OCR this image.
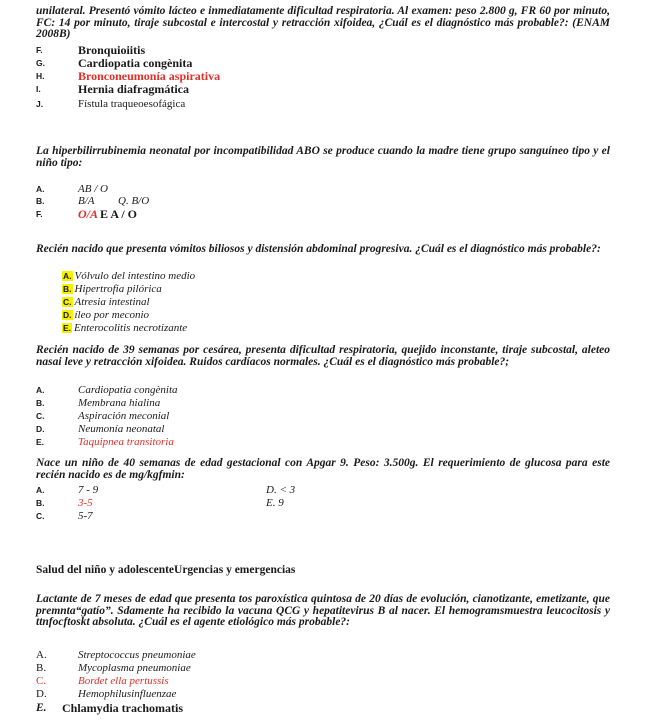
unilateral. Presentó vómito lácteo e inmediatamente dificultad respiratoria. Al examen: peso 2.800 g, FR 60 por minuto, FC: 14 por minuto, tiraje subcostal e intercostal y retracción xifoidea, ¿Cuál es el diagnóstico más probable?: (ENAM 2008B)
F.	Bronquioiitis
G.	Cardiopatia congènita
H.	Bronconeumonía aspirativa
I.	Hernia diafragmática
J.	Fístula traqueoesofágica
La hiperbilirrubinemia neonatal por incompatibilidad ABO se produce cuando la madre tiene grupo sanguíneo tipo y el niño tipo:
A.	AB / O
B.	B/A Q. B/O
F.	O/A E A / O
Recién nacido que presenta vómitos biliosos y distensión abdominal progresiva. ¿Cuál es el diagnóstico más probable?:
A. Vólvulo del intestino medio
B. Hipertrofia pilórica
C. Atresia intestinal
D. íleo por meconio
E. Enterocolitis necrotizante
Recién nacido de 39 semanas por cesárea, presenta dificultad respiratoria, quejido inconstante, tiraje subcostal, aleteo nasai leve y retracción xifoidea. Ruidos cardíacos normales. ¿Cuál es el diagnóstico más probable?;
A.	Cardiopatia congènita
B.	Membrana hialina
C.	Aspiración meconial
D.	Neumonía neonatal
E.	Taquipnea transitoria
Nace un niño de 40 semanas de edad gestacional con Apgar 9. Peso: 3.500g. El requerimiento de glucosa para este recién nacido es de mg/kgfmin:
A.	7 - 9
B.	3-5
C.	5-7
D. < 3
E. 9
Salud del niño y adolescenteUrgencias y emergencias
Lactante de 7 meses de edad que presenta tos paroxística quintosa de 20 días de evolución, cianotizante, emetizante, que premnta“gatío”. Sdamente ha recibido la vacuna QCG y hepatitevirus B al nacer. El hemogramsmuestra leucocitosis y ttnfocftoskt absoluta. ¿Cuál es el agente etiológico más probable?:
A.	Streptococcus pneumoniae
B.	Mycoplasma pneumoniae
C.	Bordet ella pertussis
D.	Hemophilusinfluenzae
E. Chlamydia trachomatis
